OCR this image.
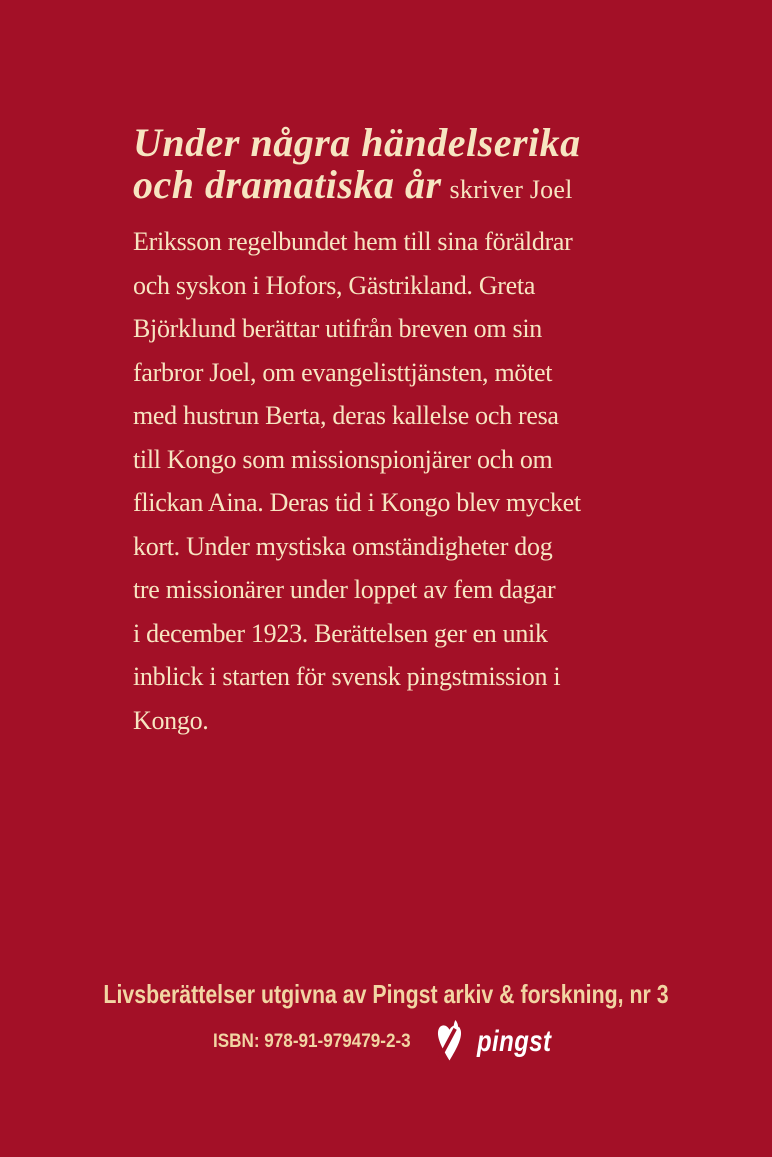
Under några händelserika
och dramatiska år skriver Joel
Eriksson regelbundet hem till sina föräldrar
och syskon i Hofors, Gästrikland. Greta
Björklund berättar utifrån breven om sin
farbror Joel, om evangelisttjänsten, mötet
med hustrun Berta, deras kallelse och resa
till Kongo som missionspionjärer och om
flickan Aina. Deras tid i Kongo blev mycket
kort. Under mystiska omständigheter dog
tre missionärer under loppet av fem dagar
i december 1923. Berättelsen ger en unik
inblick i starten för svensk pingstmission i
Kongo.
Livsberättelser utgivna av Pingst arkiv & forskning, nr 3
ISBN: 978-91-979479-2-3 pingst
